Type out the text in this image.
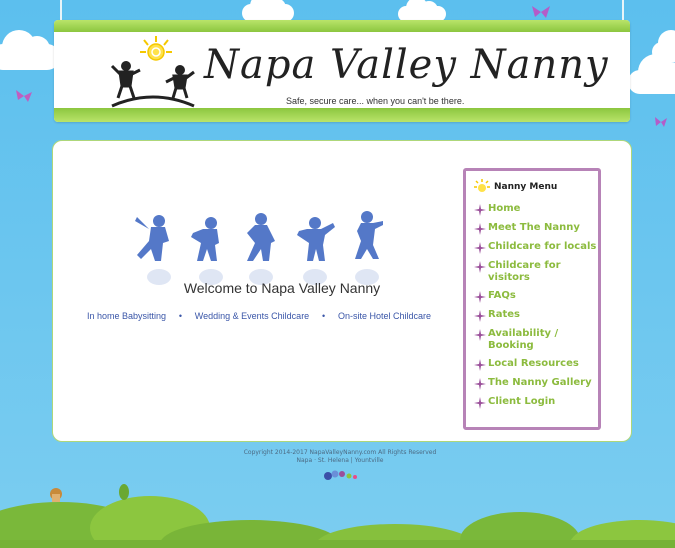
Napa Valley Nanny
Safe, secure care... when you can't be there.
Welcome to Napa Valley Nanny
In home Babysitting • Wedding & Events Childcare • On-site Hotel Childcare
Nanny Menu
Home
Meet The Nanny
Childcare for locals
Childcare for visitors
FAQs
Rates
Availability / Booking
Local Resources
The Nanny Gallery
Client Login
Copyright 2014-2017 NapaValleyNanny.com All Rights Reserved
Napa · St. Helena | Yountville
